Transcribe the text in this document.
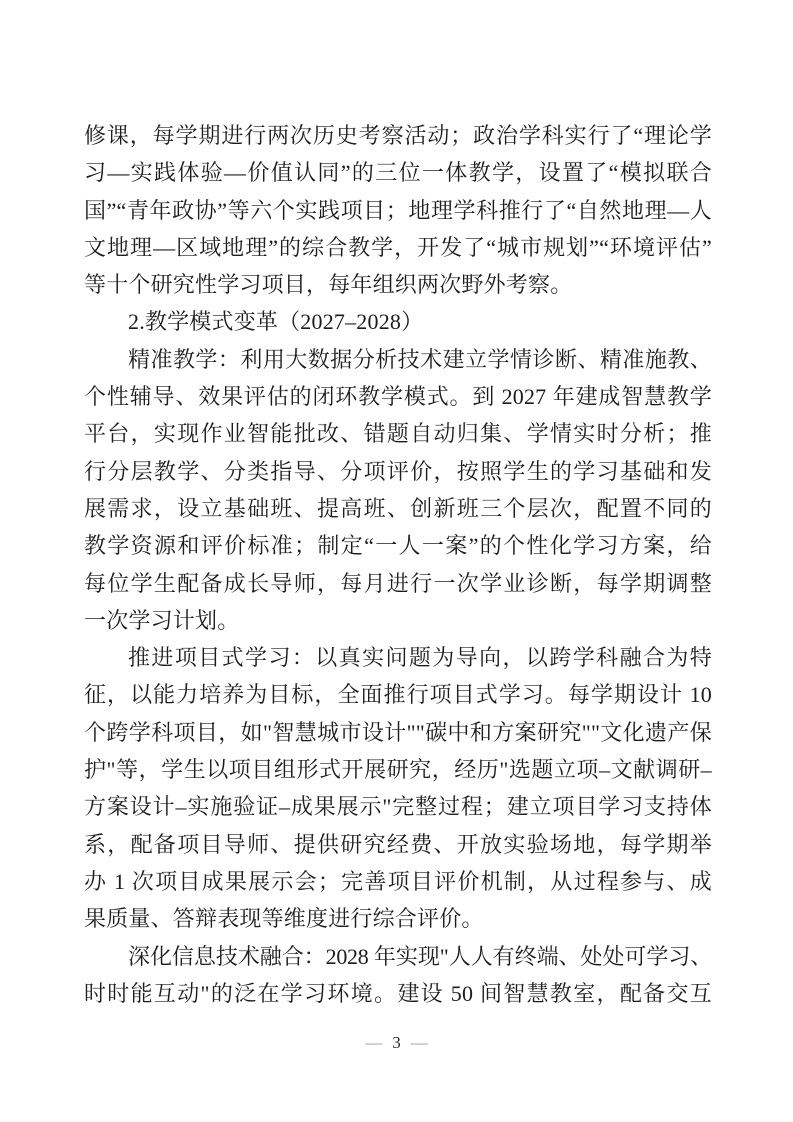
修课，每学期进行两次历史考察活动；政治学科实行了“理论学
习—实践体验—价值认同”的三位一体教学，设置了“模拟联合
国”“青年政协”等六个实践项目；地理学科推行了“自然地理—人
文地理—区域地理”的综合教学，开发了“城市规划”“环境评估”
等十个研究性学习项目，每年组织两次野外考察。
2.教学模式变革（2027–2028）
精准教学：利用大数据分析技术建立学情诊断、精准施教、
个性辅导、效果评估的闭环教学模式。到 2027 年建成智慧教学
平台，实现作业智能批改、错题自动归集、学情实时分析；推
行分层教学、分类指导、分项评价，按照学生的学习基础和发
展需求，设立基础班、提高班、创新班三个层次，配置不同的
教学资源和评价标准；制定“一人一案”的个性化学习方案，给
每位学生配备成长导师，每月进行一次学业诊断，每学期调整
一次学习计划。
推进项目式学习：以真实问题为导向，以跨学科融合为特
征，以能力培养为目标，全面推行项目式学习。每学期设计 10
个跨学科项目，如"智慧城市设计""碳中和方案研究""文化遗产保
护"等，学生以项目组形式开展研究，经历"选题立项–文献调研–
方案设计–实施验证–成果展示"完整过程；建立项目学习支持体
系，配备项目导师、提供研究经费、开放实验场地，每学期举
办 1 次项目成果展示会；完善项目评价机制，从过程参与、成
果质量、答辩表现等维度进行综合评价。
深化信息技术融合：2028 年实现"人人有终端、处处可学习、
时时能互动"的泛在学习环境。建设 50 间智慧教室，配备交互
— 3 —
